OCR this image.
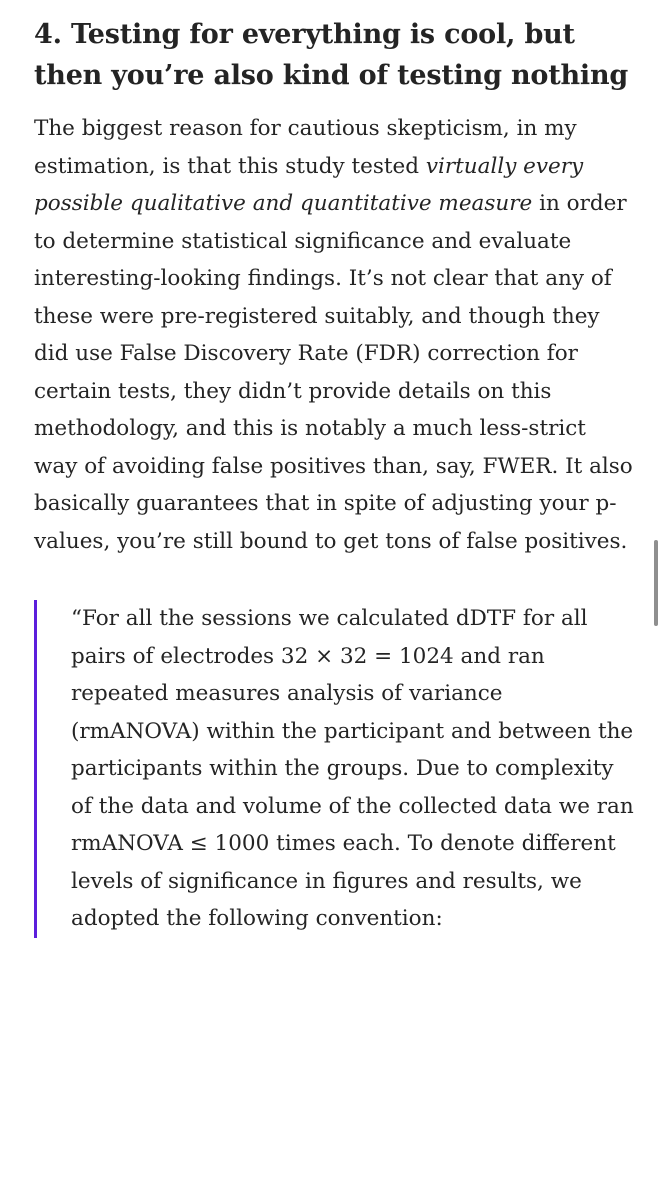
4. Testing for everything is cool, but then you’re also kind of testing nothing

The biggest reason for cautious skepticism, in my estimation, is that this study tested virtually every possible qualitative and quantitative measure in order to determine statistical significance and evaluate interesting-looking findings. It’s not clear that any of these were pre-registered suitably, and though they did use False Discovery Rate (FDR) correction for certain tests, they didn’t provide details on this methodology, and this is notably a much less-strict way of avoiding false positives than, say, FWER. It also basically guarantees that in spite of adjusting your p-values, you’re still bound to get tons of false positives.

“For all the sessions we calculated dDTF for all pairs of electrodes 32 × 32 = 1024 and ran repeated measures analysis of variance (rmANOVA) within the participant and between the participants within the groups. Due to complexity of the data and volume of the collected data we ran rmANOVA ≤ 1000 times each. To denote different levels of significance in figures and results, we adopted the following convention:
